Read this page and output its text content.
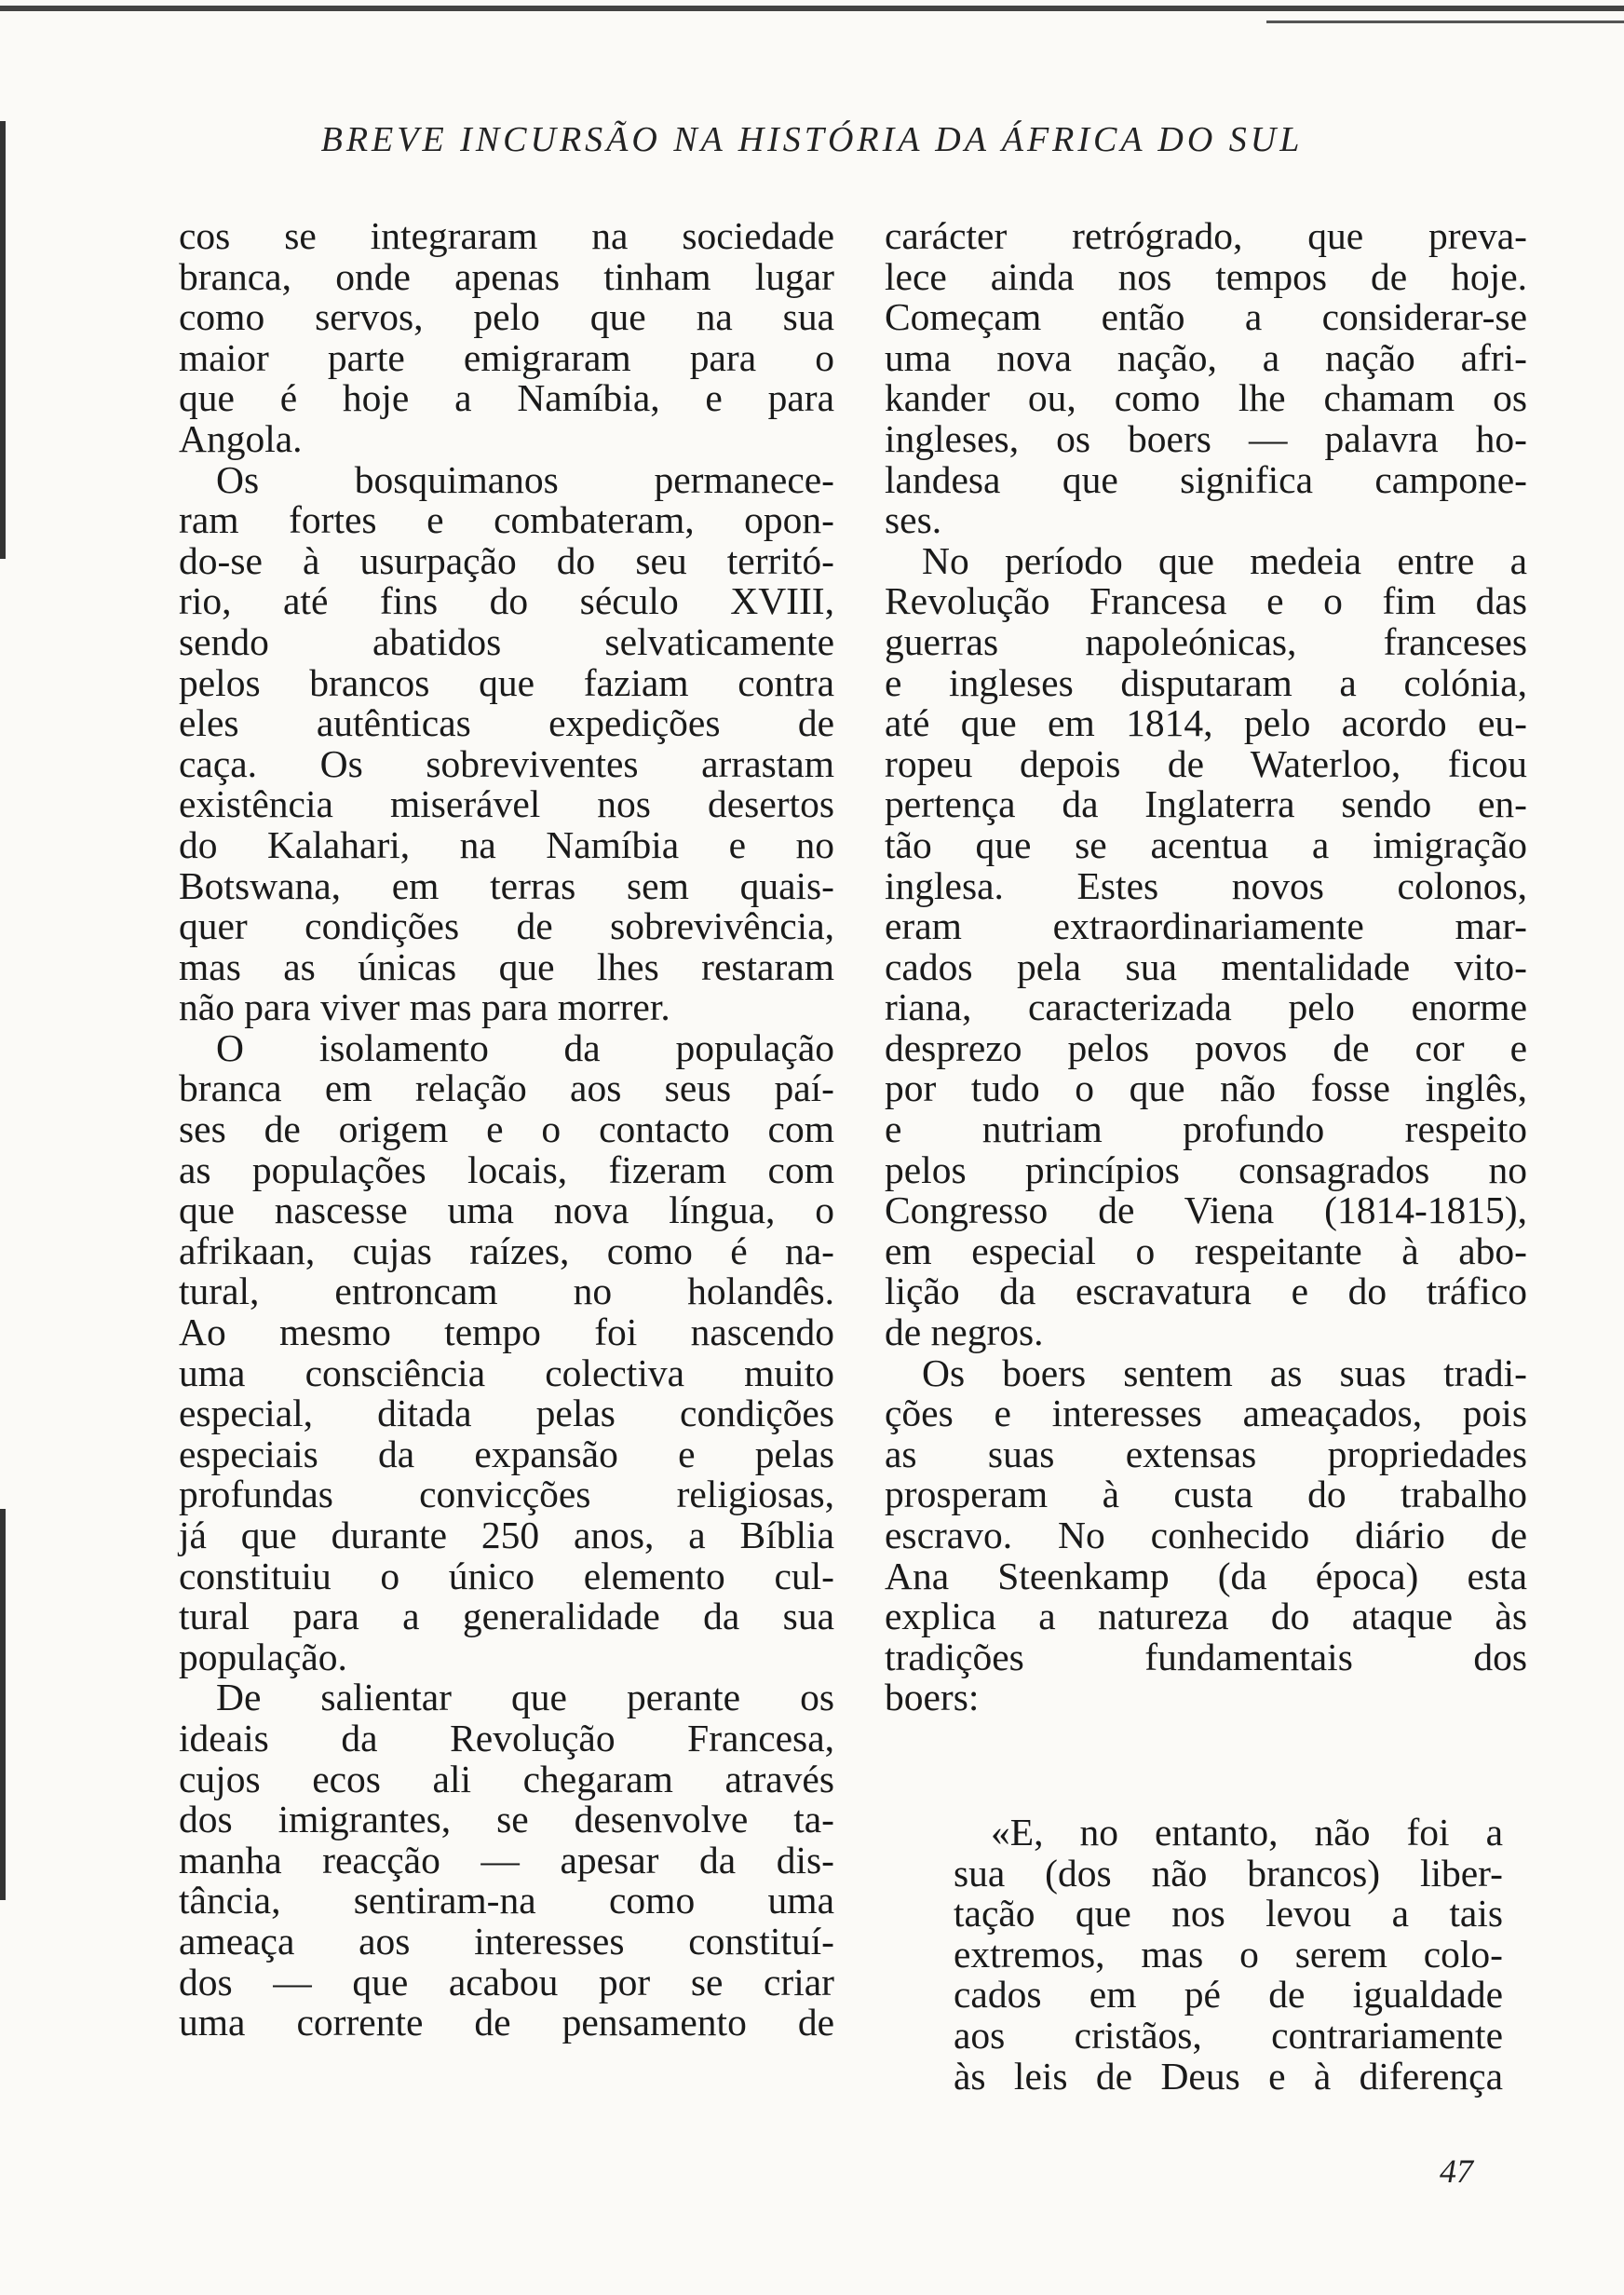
BREVE INCURSÃO NA HISTÓRIA DA ÁFRICA DO SUL
cos se integraram na sociedade
branca, onde apenas tinham lugar
como servos, pelo que na sua
maior parte emigraram para o
que é hoje a Namíbia, e para
Angola.
Os bosquimanos permanece-
ram fortes e combateram, opon-
do-se à usurpação do seu territó-
rio, até fins do século XVIII,
sendo abatidos selvaticamente
pelos brancos que faziam contra
eles autênticas expedições de
caça. Os sobreviventes arrastam
existência miserável nos desertos
do Kalahari, na Namíbia e no
Botswana, em terras sem quais-
quer condições de sobrevivência,
mas as únicas que lhes restaram
não para viver mas para morrer.
O isolamento da população
branca em relação aos seus paí-
ses de origem e o contacto com
as populações locais, fizeram com
que nascesse uma nova língua, o
afrikaan, cujas raízes, como é na-
tural, entroncam no holandês.
Ao mesmo tempo foi nascendo
uma consciência colectiva muito
especial, ditada pelas condições
especiais da expansão e pelas
profundas convicções religiosas,
já que durante 250 anos, a Bíblia
constituiu o único elemento cul-
tural para a generalidade da sua
população.
De salientar que perante os
ideais da Revolução Francesa,
cujos ecos ali chegaram através
dos imigrantes, se desenvolve ta-
manha reacção — apesar da dis-
tância, sentiram-na como uma
ameaça aos interesses constituí-
dos — que acabou por se criar
uma corrente de pensamento de
carácter retrógrado, que preva-
lece ainda nos tempos de hoje.
Começam então a considerar-se
uma nova nação, a nação afri-
kander ou, como lhe chamam os
ingleses, os boers — palavra ho-
landesa que significa campone-
ses.
No período que medeia entre a
Revolução Francesa e o fim das
guerras napoleónicas, franceses
e ingleses disputaram a colónia,
até que em 1814, pelo acordo eu-
ropeu depois de Waterloo, ficou
pertença da Inglaterra sendo en-
tão que se acentua a imigração
inglesa. Estes novos colonos,
eram extraordinariamente mar-
cados pela sua mentalidade vito-
riana, caracterizada pelo enorme
desprezo pelos povos de cor e
por tudo o que não fosse inglês,
e nutriam profundo respeito
pelos princípios consagrados no
Congresso de Viena (1814-1815),
em especial o respeitante à abo-
lição da escravatura e do tráfico
de negros.
Os boers sentem as suas tradi-
ções e interesses ameaçados, pois
as suas extensas propriedades
prosperam à custa do trabalho
escravo. No conhecido diário de
Ana Steenkamp (da época) esta
explica a natureza do ataque às
tradições fundamentais dos
boers:
«E, no entanto, não foi a
sua (dos não brancos) liber-
tação que nos levou a tais
extremos, mas o serem colo-
cados em pé de igualdade
aos cristãos, contrariamente
às leis de Deus e à diferença
47
